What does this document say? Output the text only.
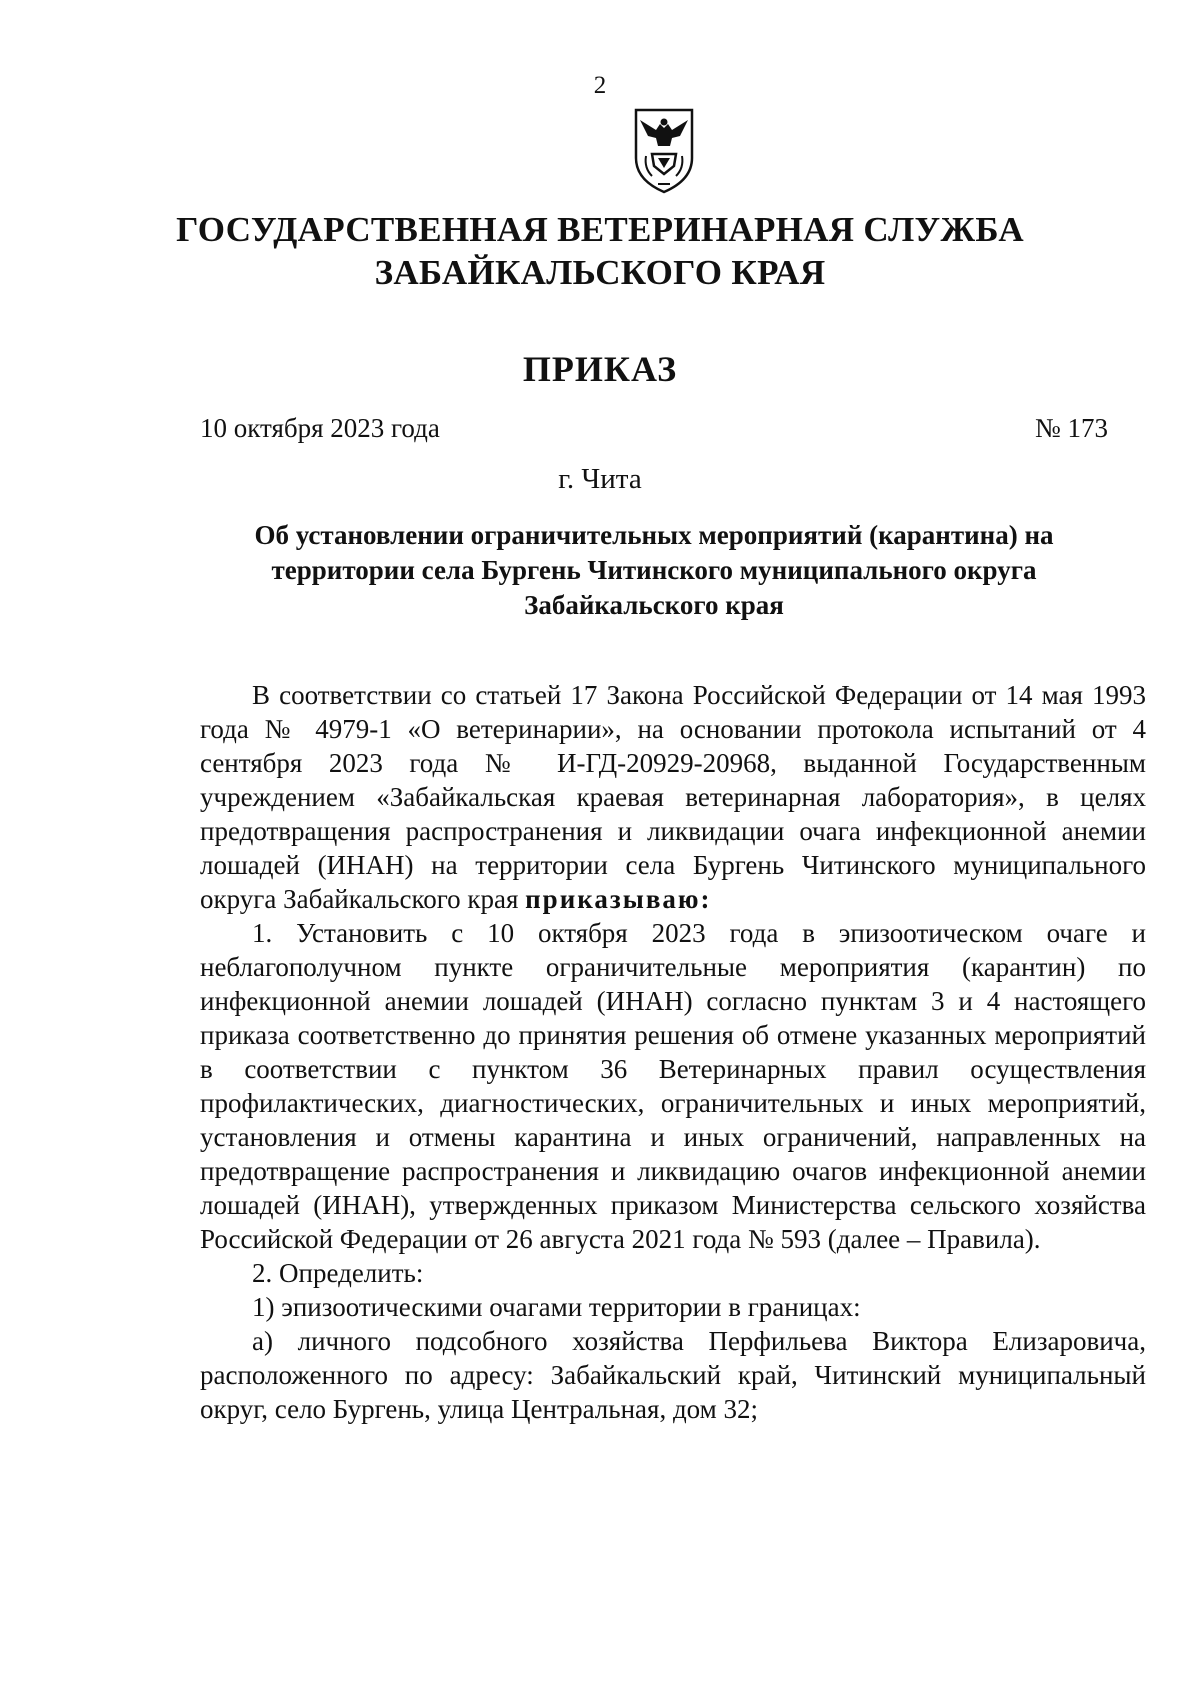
2
ГОСУДАРСТВЕННАЯ ВЕТЕРИНАРНАЯ СЛУЖБА
ЗАБАЙКАЛЬСКОГО КРАЯ
ПРИКАЗ
10 октября 2023 года	№ 173
г. Чита
Об установлении ограничительных мероприятий (карантина) на территории села Бургень Читинского муниципального округа Забайкальского края

В соответствии со статьей 17 Закона Российской Федерации от 14 мая 1993 года № 4979-1 «О ветеринарии», на основании протокола испытаний от 4 сентября 2023 года № И-ГД-20929-20968, выданной Государственным учреждением «Забайкальская краевая ветеринарная лаборатория», в целях предотвращения распространения и ликвидации очага инфекционной анемии лошадей (ИНАН) на территории села Бургень Читинского муниципального округа Забайкальского края приказываю:

1. Установить с 10 октября 2023 года в эпизоотическом очаге и неблагополучном пункте ограничительные мероприятия (карантин) по инфекционной анемии лошадей (ИНАН) согласно пунктам 3 и 4 настоящего приказа соответственно до принятия решения об отмене указанных мероприятий в соответствии с пунктом 36 Ветеринарных правил осуществления профилактических, диагностических, ограничительных и иных мероприятий, установления и отмены карантина и иных ограничений, направленных на предотвращение распространения и ликвидацию очагов инфекционной анемии лошадей (ИНАН), утвержденных приказом Министерства сельского хозяйства Российской Федерации от 26 августа 2021 года № 593 (далее – Правила).

2. Определить:

1) эпизоотическими очагами территории в границах:

а) личного подсобного хозяйства Перфильева Виктора Елизаровича, расположенного по адресу: Забайкальский край, Читинский муниципальный округ, село Бургень, улица Центральная, дом 32;
